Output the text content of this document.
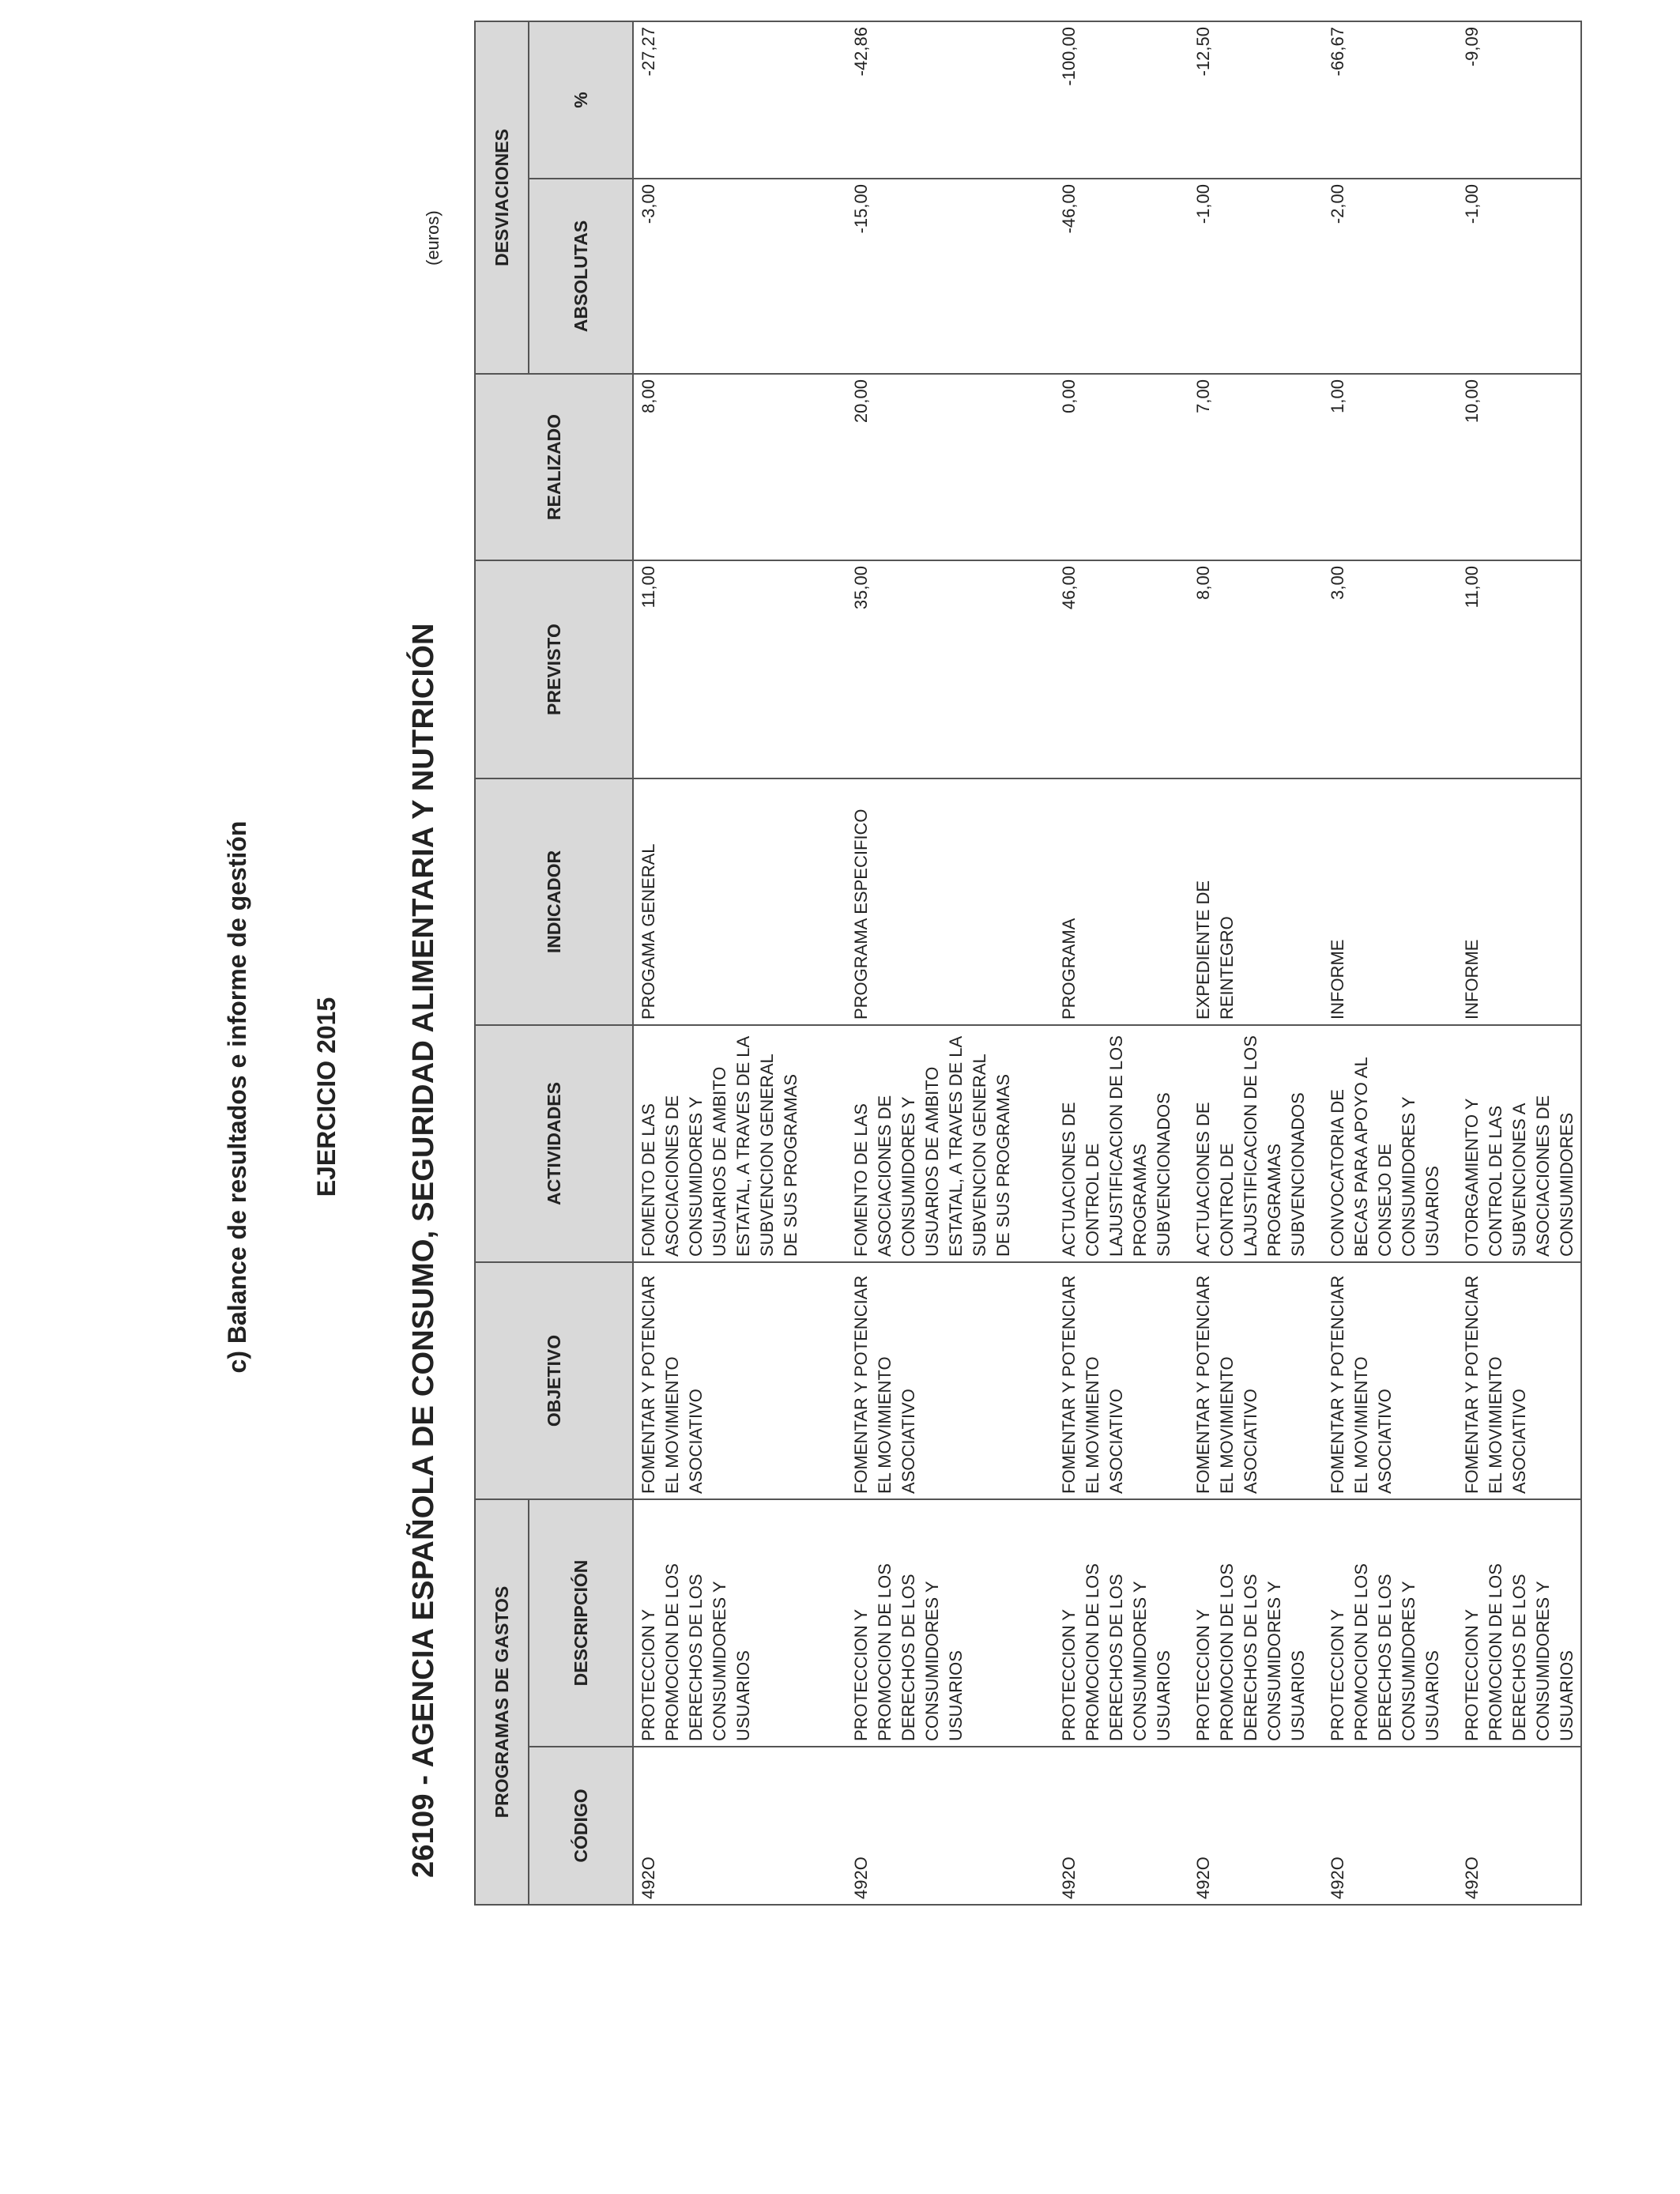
c) Balance de resultados e informe de gestión EJERCICIO 2015 26109 - AGENCIA ESPAÑOLA DE CONSUMO, SEGURIDAD ALIMENTARIA Y NUTRICIÓN
(euros)
PROGRAMAS DE GASTOS		OBJETIVO	ACTIVIDADES	INDICADOR	PREVISTO	REALIZADO	DESVIACIONES	
CÓDIGO	DESCRIPCIÓN						ABSOLUTAS	%
492O	PROTECCION Y PROMOCION DE LOS DERECHOS DE LOS CONSUMIDORES Y USUARIOS	FOMENTAR Y POTENCIAR EL MOVIMIENTO ASOCIATIVO	FOMENTO DE LAS ASOCIACIONES DE CONSUMIDORES Y USUARIOS DE AMBITO ESTATAL, A TRAVES DE LA SUBVENCION GENERAL DE SUS PROGRAMAS	PROGAMA GENERAL	11,00	8,00	-3,00	-27,27
492O	PROTECCION Y PROMOCION DE LOS DERECHOS DE LOS CONSUMIDORES Y USUARIOS	FOMENTAR Y POTENCIAR EL MOVIMIENTO ASOCIATIVO	FOMENTO DE LAS ASOCIACIONES DE CONSUMIDORES Y USUARIOS DE AMBITO ESTATAL, A TRAVES DE LA SUBVENCION GENERAL DE SUS PROGRAMAS	PROGRAMA ESPECIFICO	35,00	20,00	-15,00	-42,86
492O	PROTECCION Y PROMOCION DE LOS DERECHOS DE LOS CONSUMIDORES Y USUARIOS	FOMENTAR Y POTENCIAR EL MOVIMIENTO ASOCIATIVO	ACTUACIONES DE CONTROL DE LAJUSTIFICACION DE LOS PROGRAMAS SUBVENCIONADOS	PROGRAMA	46,00	0,00	-46,00	-100,00
492O	PROTECCION Y PROMOCION DE LOS DERECHOS DE LOS CONSUMIDORES Y USUARIOS	FOMENTAR Y POTENCIAR EL MOVIMIENTO ASOCIATIVO	ACTUACIONES DE CONTROL DE LAJUSTIFICACION DE LOS PROGRAMAS SUBVENCIONADOS	EXPEDIENTE DE REINTEGRO	8,00	7,00	-1,00	-12,50
492O	PROTECCION Y PROMOCION DE LOS DERECHOS DE LOS CONSUMIDORES Y USUARIOS	FOMENTAR Y POTENCIAR EL MOVIMIENTO ASOCIATIVO	CONVOCATORIA DE BECAS PARA APOYO AL CONSEJO DE CONSUMIDORES Y USUARIOS	INFORME	3,00	1,00	-2,00	-66,67
492O	PROTECCION Y PROMOCION DE LOS DERECHOS DE LOS CONSUMIDORES Y USUARIOS	FOMENTAR Y POTENCIAR EL MOVIMIENTO ASOCIATIVO	OTORGAMIENTO Y CONTROL DE LAS SUBVENCIONES A ASOCIACIONES DE CONSUMIDORES	INFORME	11,00	10,00	-1,00	-9,09
